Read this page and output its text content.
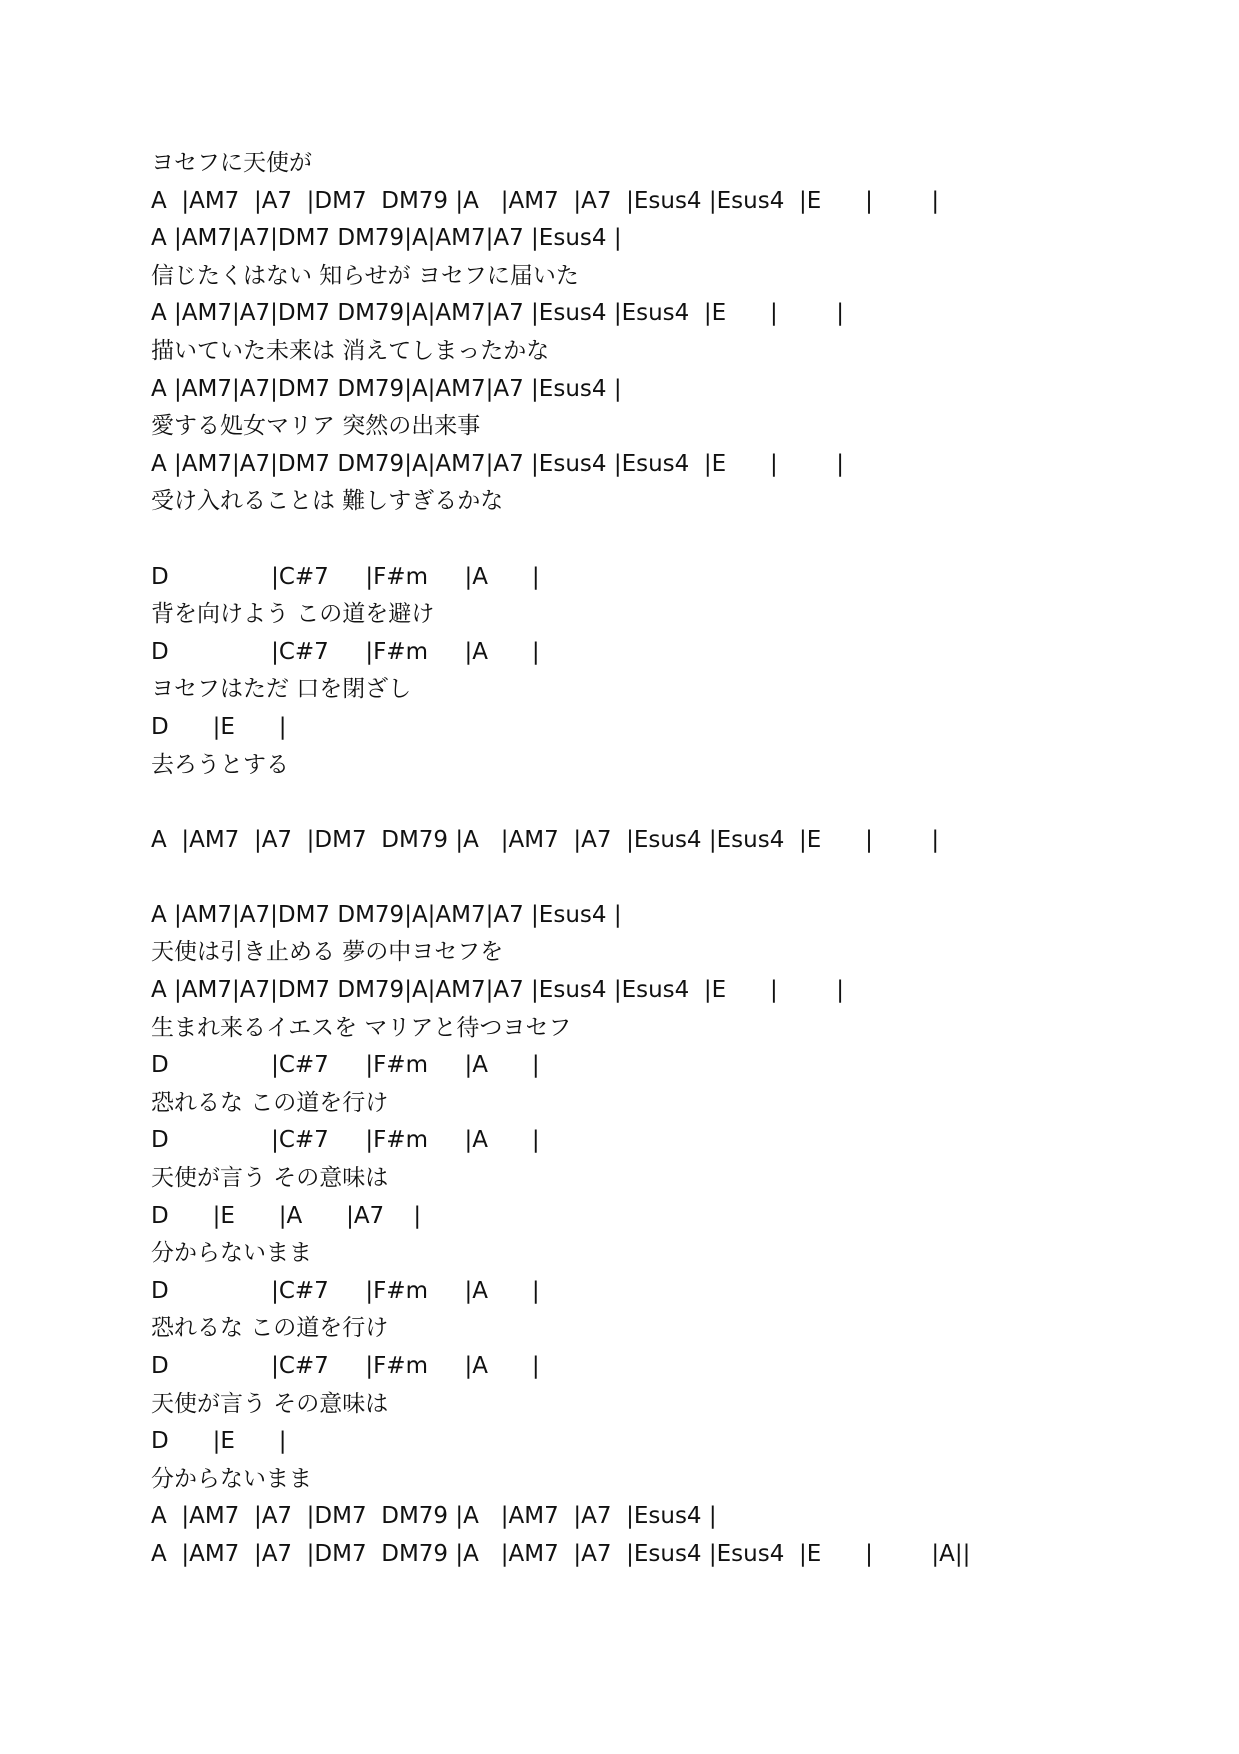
ヨセフに天使が
A  |AM7  |A7  |DM7  DM79 |A   |AM7  |A7  |Esus4 |Esus4  |E      |        |
A |AM7|A7|DM7 DM79|A|AM7|A7 |Esus4 |
信じたくはない 知らせが ヨセフに届いた
A |AM7|A7|DM7 DM79|A|AM7|A7 |Esus4 |Esus4  |E      |        |
描いていた未来は 消えてしまったかな
A |AM7|A7|DM7 DM79|A|AM7|A7 |Esus4 |
愛する処女マリア 突然の出来事
A |AM7|A7|DM7 DM79|A|AM7|A7 |Esus4 |Esus4  |E      |        |
受け入れることは 難しすぎるかな
D              |C#7     |F#m     |A      |
背を向けよう この道を避け
D              |C#7     |F#m     |A      |
ヨセフはただ 口を閉ざし
D      |E      |
去ろうとする
A  |AM7  |A7  |DM7  DM79 |A   |AM7  |A7  |Esus4 |Esus4  |E      |        |
A |AM7|A7|DM7 DM79|A|AM7|A7 |Esus4 |
天使は引き止める 夢の中ヨセフを
A |AM7|A7|DM7 DM79|A|AM7|A7 |Esus4 |Esus4  |E      |        |
生まれ来るイエスを マリアと待つヨセフ
D              |C#7     |F#m     |A      |
恐れるな この道を行け
D              |C#7     |F#m     |A      |
天使が言う その意味は
D      |E      |A      |A7    |
分からないまま
D              |C#7     |F#m     |A      |
恐れるな この道を行け
D              |C#7     |F#m     |A      |
天使が言う その意味は
D      |E      |
分からないまま
A  |AM7  |A7  |DM7  DM79 |A   |AM7  |A7  |Esus4 |
A  |AM7  |A7  |DM7  DM79 |A   |AM7  |A7  |Esus4 |Esus4  |E      |        |A||
